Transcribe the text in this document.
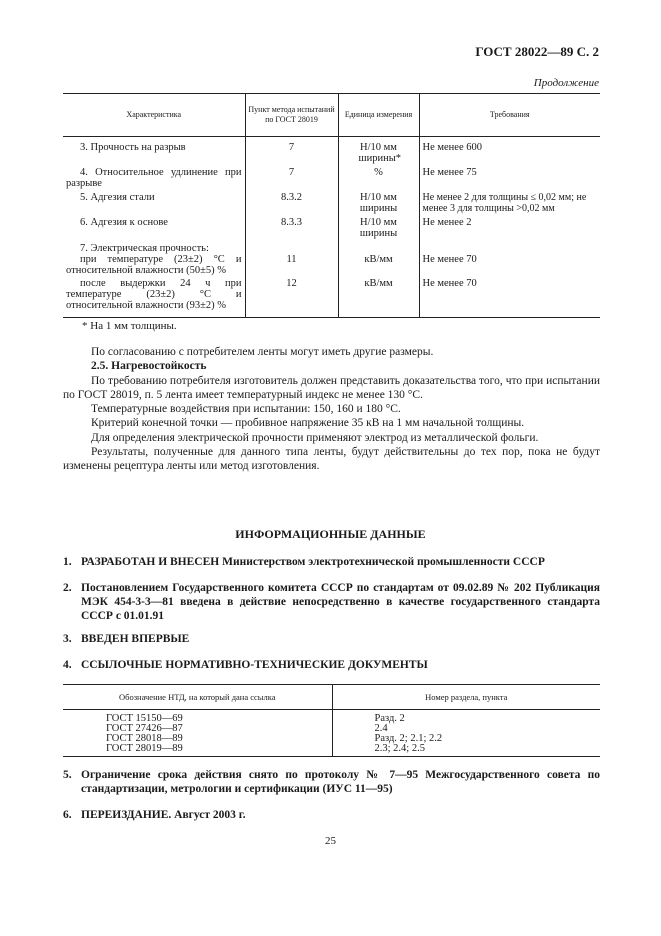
ГОСТ 28022—89 С. 2
Продолжение
Характеристика	Пункт метода испытаний по ГОСТ 28019	Единица измерения	Требования

3. Прочность на разрыв	7	Н/10 мм ширины*	Не менее 600
4. Относительное удлинение при разрыве	7	%	Не менее 75

5. Адгезия стали	8.3.2	Н/10 мм ширины	Не менее 2 для толщины ≤ 0,02 мм; не менее 3 для толщины >0,02 мм

6. Адгезия к основе	8.3.3	Н/10 мм ширины	Не менее 2

7. Электрическая прочность:			

при температуре (23±2) °С и относительной влажности (50±5) %	11	кВ/мм	Не менее 70
после выдержки 24 ч при температуре (23±2) °С и относительной влажности (93±2) %	12	кВ/мм	Не менее 70
* На 1 мм толщины.

По согласованию с потребителем ленты могут иметь другие размеры.

2.5. Нагревостойкость

По требованию потребителя изготовитель должен представить доказательства того, что при испытании по ГОСТ 28019, п. 5 лента имеет температурный индекс не менее 130 °С.

Температурные воздействия при испытании: 150, 160 и 180 °С.

Критерий конечной точки — пробивное напряжение 35 кВ на 1 мм начальной толщины.

Для определения электрической прочности применяют электрод из металлической фольги.

Результаты, полученные для данного типа ленты, будут действительны до тех пор, пока не будут изменены рецептура ленты или метод изготовления.

ИНФОРМАЦИОННЫЕ ДАННЫЕ
1. РАЗРАБОТАН И ВНЕСЕН Министерством электротехнической промышленности СССР
2. Постановлением Государственного комитета СССР по стандартам от 09.02.89 № 202 Публикация МЭК 454-3-3—81 введена в действие непосредственно в качестве государственного стандарта СССР с 01.01.91
3. ВВЕДЕН ВПЕРВЫЕ
4. ССЫЛОЧНЫЕ НОРМАТИВНО-ТЕХНИЧЕСКИЕ ДОКУМЕНТЫ
Обозначение НТД, на который дана ссылка	Номер раздела, пункта
ГОСТ 15150—69	Разд. 2
ГОСТ 27426—87	2.4
ГОСТ 28018—89	Разд. 2; 2.1; 2.2
ГОСТ 28019—89	2.3; 2.4; 2.5
5. Ограничение срока действия снято по протоколу № 7—95 Межгосударственного совета по стандартизации, метрологии и сертификации (ИУС 11—95)
6. ПЕРЕИЗДАНИЕ. Август 2003 г.
25
